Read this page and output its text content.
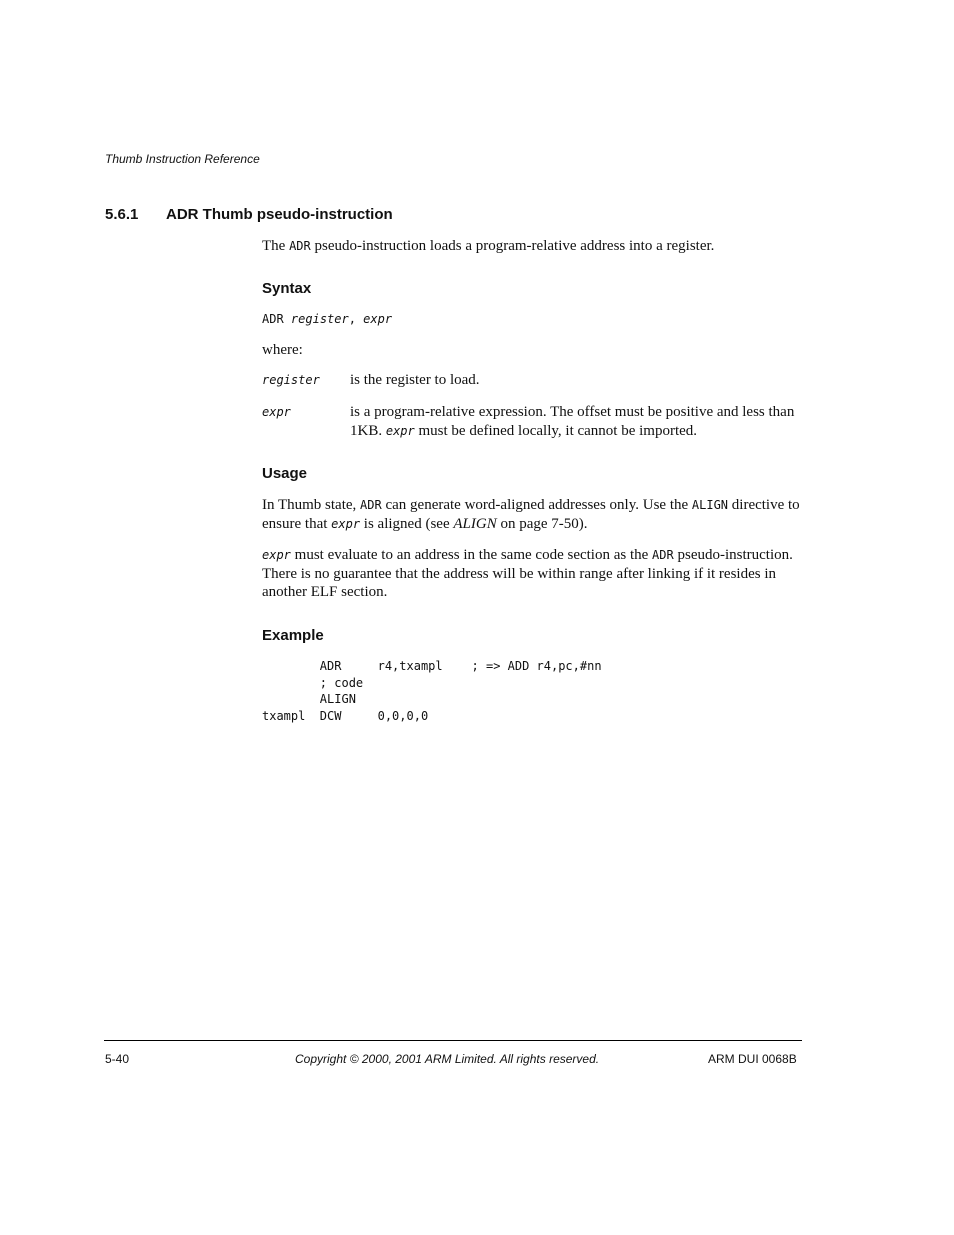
Thumb Instruction Reference
5.6.1 ADR Thumb pseudo-instruction
The ADR pseudo-instruction loads a program-relative address into a register.
Syntax
ADR register, expr
where:
register is the register to load.
expr	is a program-relative expression. The offset must be positive and less than 1KB. expr must be defined locally, it cannot be imported.
Usage
In Thumb state, ADR can generate word-aligned addresses only. Use the ALIGN directive to ensure that expr is aligned (see ALIGN on page 7-50).
expr must evaluate to an address in the same code section as the ADR pseudo-instruction. There is no guarantee that the address will be within range after linking if it resides in another ELF section.
Example
ADR     r4,txampl    ; => ADD r4,pc,#nn
; code
ALIGN
txampl  DCW     0,0,0,0
5-40	Copyright © 2000, 2001 ARM Limited. All rights reserved.	ARM DUI 0068B
